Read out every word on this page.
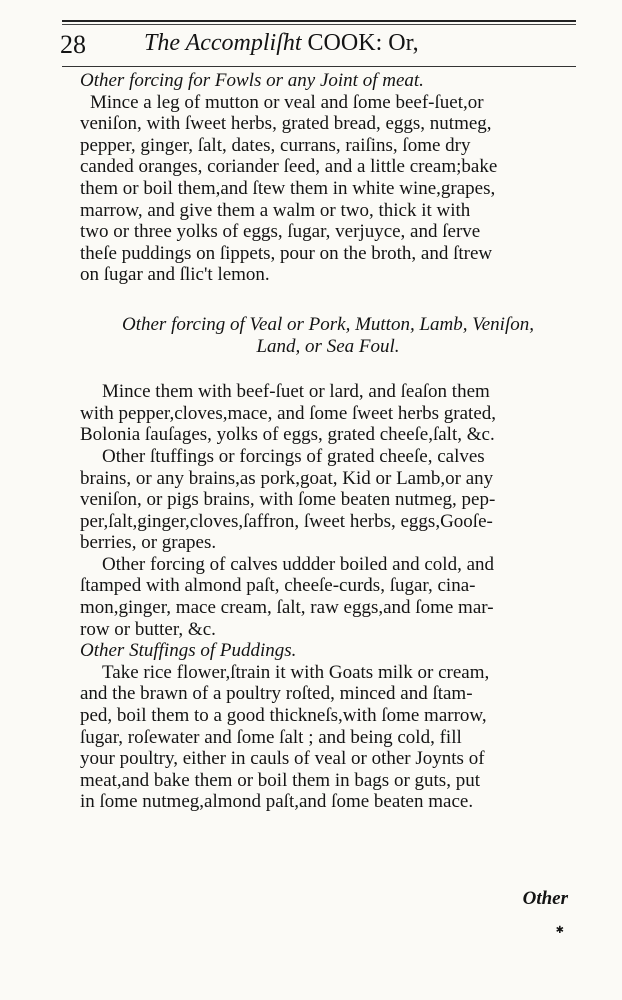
28 The Accompliſht COOK: Or,

Other forcing for Fowls or any Joint of meat.

Mince a leg of mutton or veal and ſome beef-ſuet,or
veniſon, with ſweet herbs, grated bread, eggs, nutmeg,
pepper, ginger, ſalt, dates, currans, raiſins, ſome dry
canded oranges, coriander ſeed, and a little cream;bake
them or boil them,and ſtew them in white wine,grapes,
marrow, and give them a walm or two, thick it with
two or three yolks of eggs, ſugar, verjuyce, and ſerve
theſe puddings on ſippets, pour on the broth, and ſtrew
on ſugar and ſlic't lemon.
Other forcing of Veal or Pork, Mutton, Lamb, Veniſon,
Land, or Sea Foul.
Mince them with beef-ſuet or lard, and ſeaſon them
with pepper,cloves,mace, and ſome ſweet herbs grated,
Bolonia ſauſages, yolks of eggs, grated cheeſe,ſalt, &c.
Other ſtuffings or forcings of grated cheeſe, calves
brains, or any brains,as pork,goat, Kid or Lamb,or any
veniſon, or pigs brains, with ſome beaten nutmeg, pep-
per,ſalt,ginger,cloves,ſaffron, ſweet herbs, eggs,Gooſe-
berries, or grapes.
Other forcing of calves uddder boiled and cold, and
ſtamped with almond paſt, cheeſe-curds, ſugar, cina-
mon,ginger, mace cream, ſalt, raw eggs,and ſome mar-
row or butter, &c.

Other Stuffings of Puddings.

Take rice flower,ſtrain it with Goats milk or cream,
and the brawn of a poultry roſted, minced and ſtam-
ped, boil them to a good thickneſs,with ſome marrow,
ſugar, roſewater and ſome ſalt ; and being cold, fill
your poultry, either in cauls of veal or other Joynts of
meat,and bake them or boil them in bags or guts, put
in ſome nutmeg,almond paſt,and ſome beaten mace.
Other
✱
